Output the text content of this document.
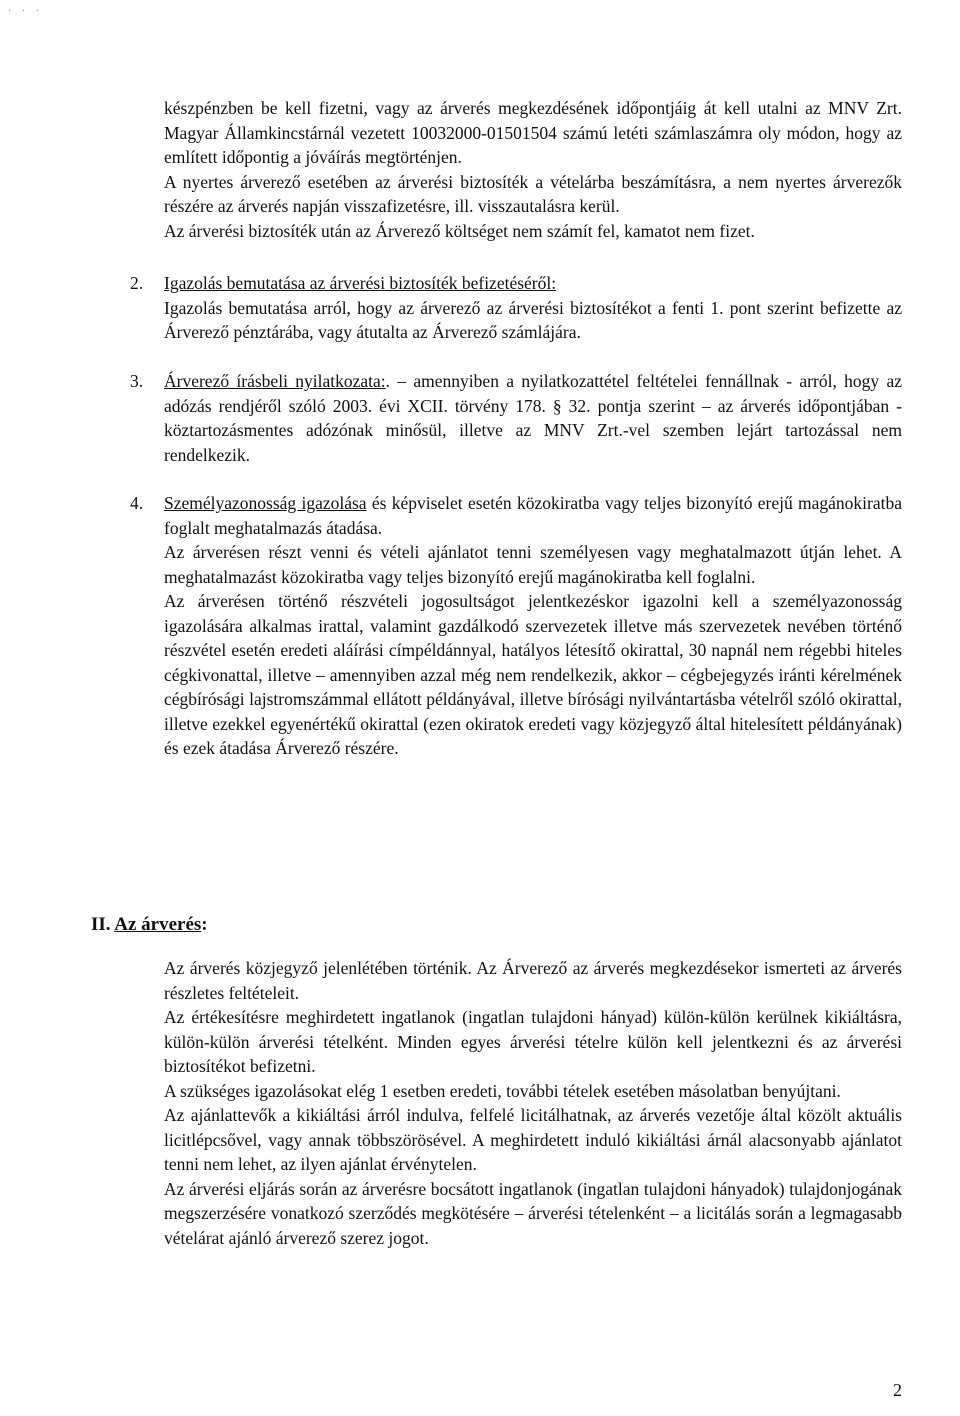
· · ·

készpénzben be kell fizetni, vagy az árverés megkezdésének időpontjáig át kell utalni az MNV Zrt. Magyar Államkincstárnál vezetett 10032000-01501504 számú letéti számlaszámra oly módon, hogy az említett időpontig a jóváírás megtörténjen.

A nyertes árverező esetében az árverési biztosíték a vételárba beszámításra, a nem nyertes árverezők részére az árverés napján visszafizetésre, ill. visszautalásra kerül.

Az árverési biztosíték után az Árverező költséget nem számít fel, kamatot nem fizet.

2.	Igazolás bemutatása az árverési biztosíték befizetéséről:

Igazolás bemutatása arról, hogy az árverező az árverési biztosítékot a fenti 1. pont szerint befizette az Árverező pénztárába, vagy átutalta az Árverező számlájára.

3.	Árverező írásbeli nyilatkozata:. – amennyiben a nyilatkozattétel feltételei fennállnak - arról, hogy az adózás rendjéről szóló 2003. évi XCII. törvény 178. § 32. pontja szerint – az árverés időpontjában - köztartozásmentes adózónak minősül, illetve az MNV Zrt.-vel szemben lejárt tartozással nem rendelkezik.

4.	Személyazonosság igazolása és képviselet esetén közokiratba vagy teljes bizonyító erejű magánokiratba foglalt meghatalmazás átadása.

Az árverésen részt venni és vételi ajánlatot tenni személyesen vagy meghatalmazott útján lehet. A meghatalmazást közokiratba vagy teljes bizonyító erejű magánokiratba kell foglalni.

Az árverésen történő részvételi jogosultságot jelentkezéskor igazolni kell a személyazonosság igazolására alkalmas irattal, valamint gazdálkodó szervezetek illetve más szervezetek nevében történő részvétel esetén eredeti aláírási címpéldánnyal, hatályos létesítő okirattal, 30 napnál nem régebbi hiteles cégkivonattal, illetve – amennyiben azzal még nem rendelkezik, akkor – cégbejegyzés iránti kérelmének cégbírósági lajstromszámmal ellátott példányával, illetve bírósági nyilvántartásba vételről szóló okirattal, illetve ezekkel egyenértékű okirattal (ezen okiratok eredeti vagy közjegyző által hitelesített példányának) és ezek átadása Árverező részére.

II. Az árverés:

Az árverés közjegyző jelenlétében történik. Az Árverező az árverés megkezdésekor ismerteti az árverés részletes feltételeit.

Az értékesítésre meghirdetett ingatlanok (ingatlan tulajdoni hányad) külön-külön kerülnek kikiáltásra, külön-külön árverési tételként. Minden egyes árverési tételre külön kell jelentkezni és az árverési biztosítékot befizetni.

A szükséges igazolásokat elég 1 esetben eredeti, további tételek esetében másolatban benyújtani.

Az ajánlattevők a kikiáltási árról indulva, felfelé licitálhatnak, az árverés vezetője által közölt aktuális licitlépcsővel, vagy annak többszörösével. A meghirdetett induló kikiáltási árnál alacsonyabb ajánlatot tenni nem lehet, az ilyen ajánlat érvénytelen.

Az árverési eljárás során az árverésre bocsátott ingatlanok (ingatlan tulajdoni hányadok) tulajdonjogának megszerzésére vonatkozó szerződés megkötésére – árverési tételenként – a licitálás során a legmagasabb vételárat ajánló árverező szerez jogot.

2
